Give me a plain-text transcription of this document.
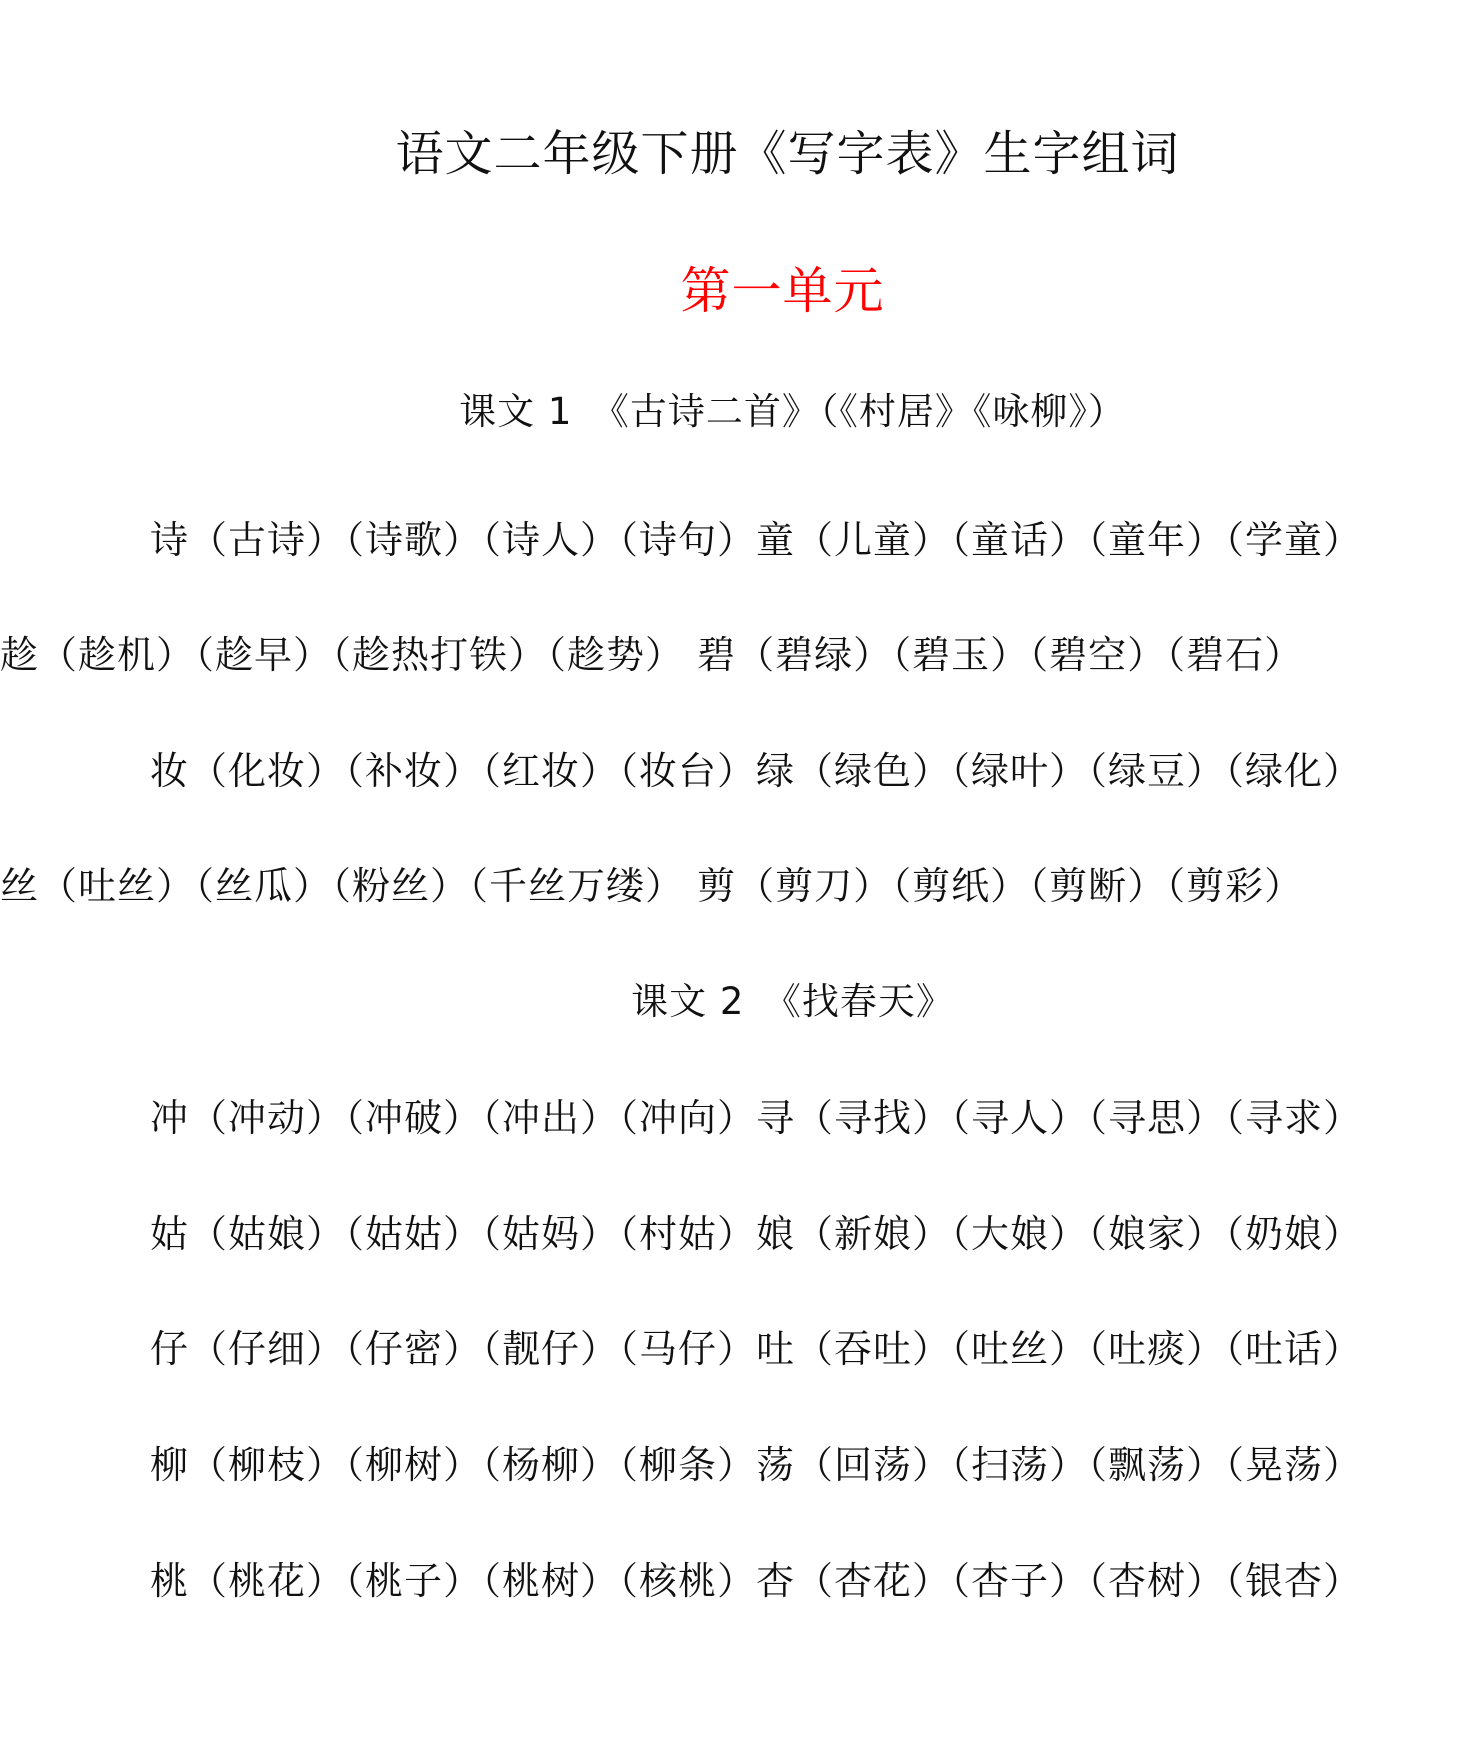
语文二年级下册《写字表》生字组词
第一单元
课文 1　《古诗二首》（《村居》《咏柳》）
诗（古诗）（诗歌）（诗人）（诗句）童（儿童）（童话）（童年）（学童）
趁（趁机）（趁早）（趁热打铁）（趁势） 碧（碧绿）（碧玉）（碧空）（碧石）
妆（化妆）（补妆）（红妆）（妆台）绿（绿色）（绿叶）（绿豆）（绿化）
丝（吐丝）（丝瓜）（粉丝）（千丝万缕） 剪（剪刀）（剪纸）（剪断）（剪彩）
课文 2　《找春天》
冲（冲动）（冲破）（冲出）（冲向）寻（寻找）（寻人）（寻思）（寻求）
姑（姑娘）（姑姑）（姑妈）（村姑）娘（新娘）（大娘）（娘家）（奶娘）
仔（仔细）（仔密）（靓仔）（马仔）吐（吞吐）（吐丝）（吐痰）（吐话）
柳（柳枝）（柳树）（杨柳）（柳条）荡（回荡）（扫荡）（飘荡）（晃荡）
桃（桃花）（桃子）（桃树）（核桃）杏（杏花）（杏子）（杏树）（银杏）
